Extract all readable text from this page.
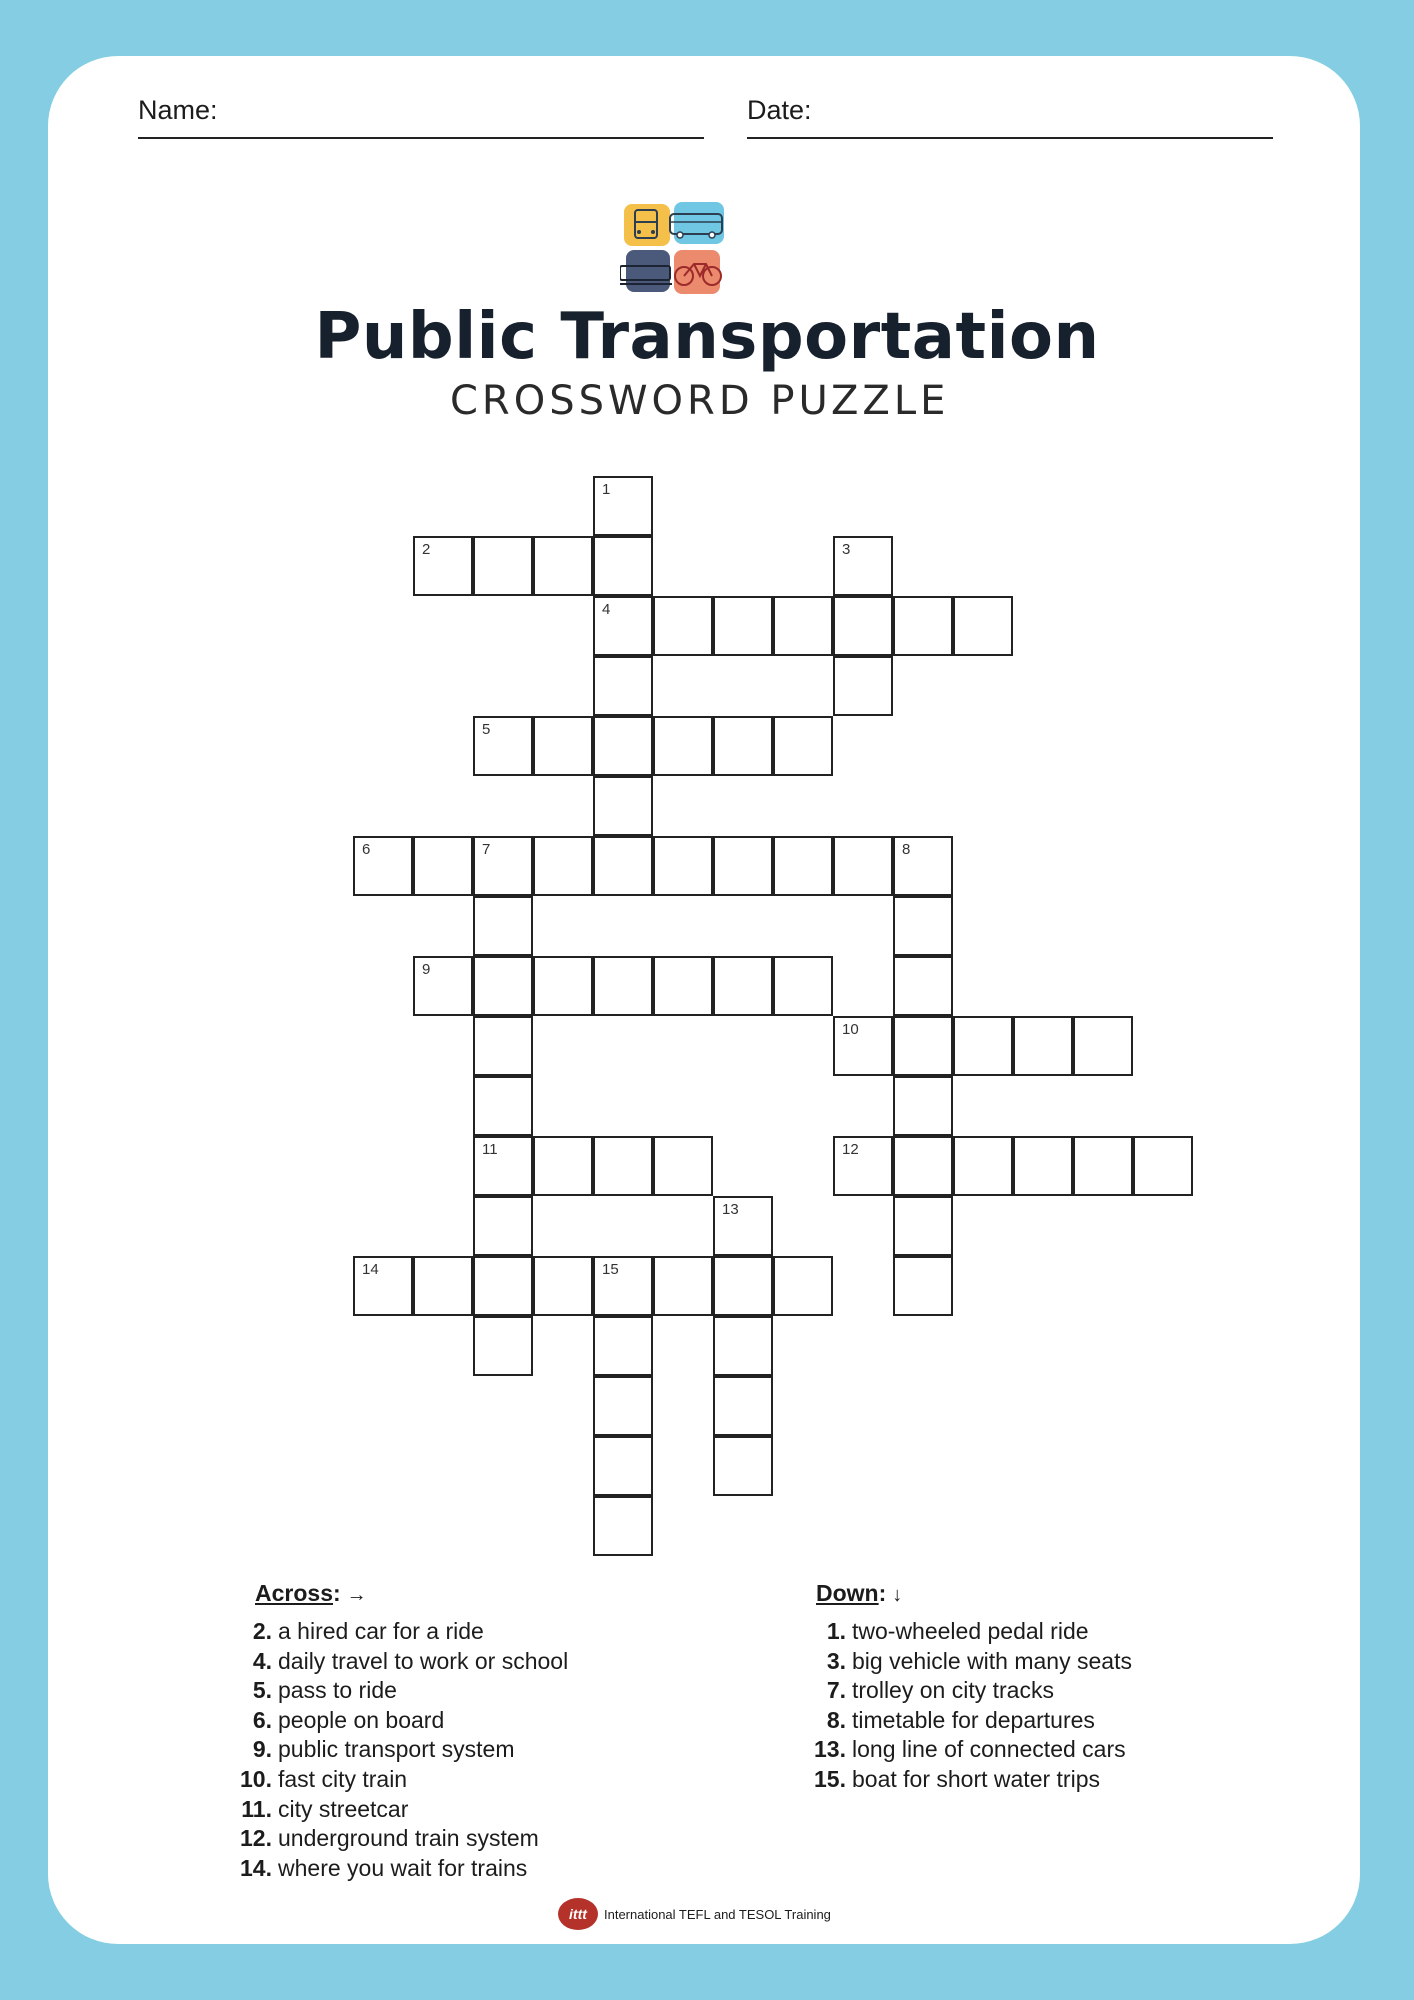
Name:	Date:
Public Transportation
CROSSWORD PUZZLE
1
2	3
4
5
6	7	8
9
10
11	12
13
14	15
Across: →
2. a hired car for a ride
4. daily travel to work or school
5. pass to ride
6. people on board
9. public transport system
10. fast city train
11. city streetcar
12. underground train system
14. where you wait for trains
Down: ↓
1. two-wheeled pedal ride
3. big vehicle with many seats
7. trolley on city tracks
8. timetable for departures
13. long line of connected cars
15. boat for short water trips
ittt	International TEFL and TESOL Training
